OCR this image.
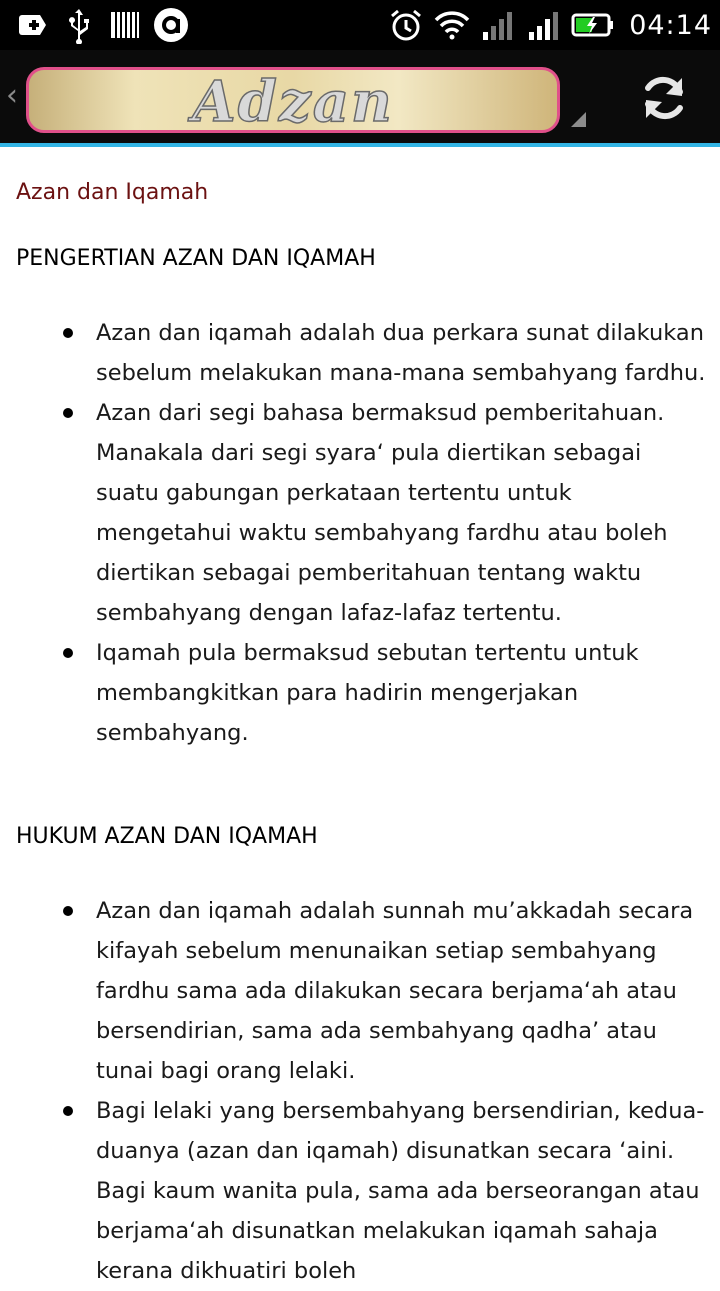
04:14
‹	Adzan
Azan dan Iqamah
PENGERTIAN AZAN DAN IQAMAH
Azan dan iqamah adalah dua perkara sunat dilakukan sebelum melakukan mana-mana sembahyang fardhu.
Azan dari segi bahasa bermaksud pemberitahuan. Manakala dari segi syara‘ pula diertikan sebagai suatu gabungan perkataan tertentu untuk mengetahui waktu sembahyang fardhu atau boleh diertikan sebagai pemberitahuan tentang waktu sembahyang dengan lafaz-lafaz tertentu.
Iqamah pula bermaksud sebutan tertentu untuk membangkitkan para hadirin mengerjakan sembahyang.
HUKUM AZAN DAN IQAMAH
Azan dan iqamah adalah sunnah mu’akkadah secara kifayah sebelum menunaikan setiap sembahyang fardhu sama ada dilakukan secara berjama‘ah atau bersendirian, sama ada sembahyang qadha’ atau tunai bagi orang lelaki.
Bagi lelaki yang bersembahyang bersendirian, kedua-duanya (azan dan iqamah) disunatkan secara ‘aini. Bagi kaum wanita pula, sama ada berseorangan atau berjama‘ah disunatkan melakukan iqamah sahaja kerana dikhuatiri boleh
